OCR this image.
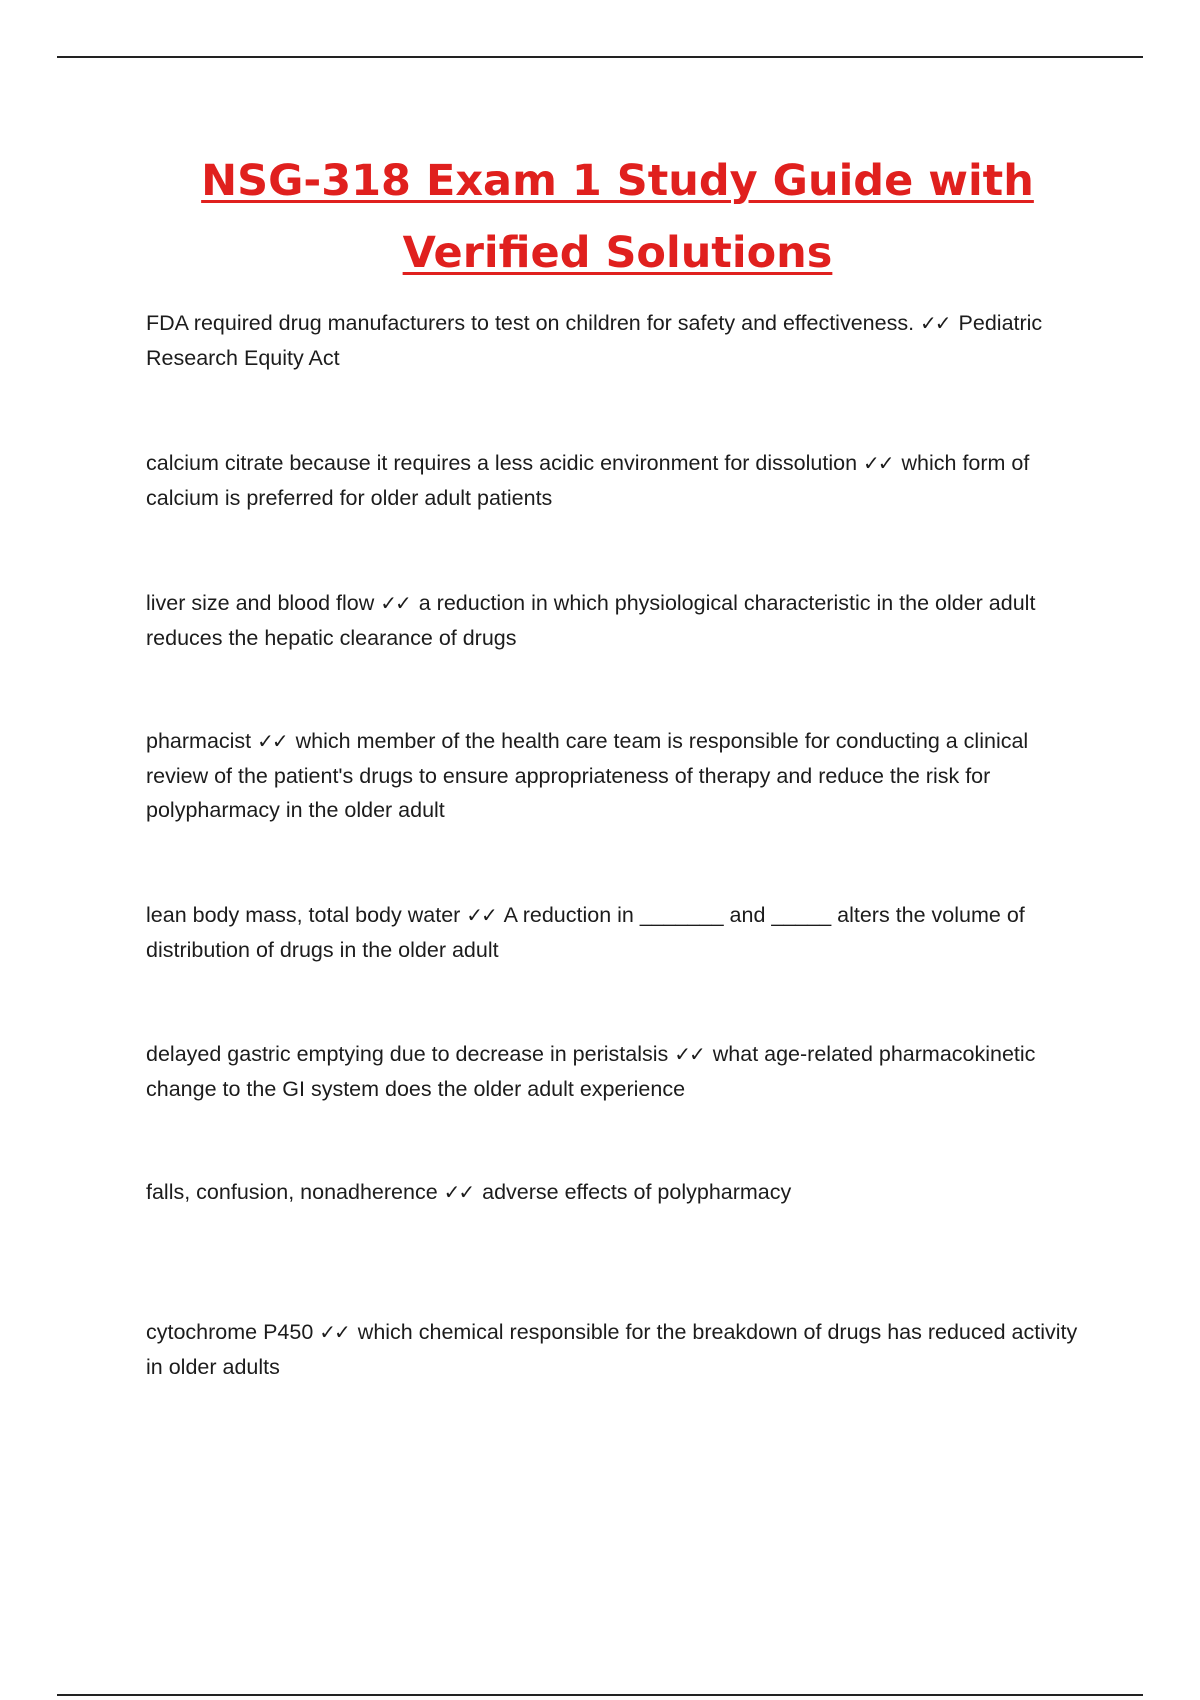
NSG-318 Exam 1 Study Guide with
Verified Solutions
FDA required drug manufacturers to test on children for safety and effectiveness. ✓✓ Pediatric Research Equity Act
calcium citrate because it requires a less acidic environment for dissolution ✓✓ which form of calcium is preferred for older adult patients
liver size and blood flow ✓✓ a reduction in which physiological characteristic in the older adult reduces the hepatic clearance of drugs
pharmacist ✓✓ which member of the health care team is responsible for conducting a clinical review of the patient's drugs to ensure appropriateness of therapy and reduce the risk for polypharmacy in the older adult
lean body mass, total body water ✓✓ A reduction in _______ and _____ alters the volume of distribution of drugs in the older adult
delayed gastric emptying due to decrease in peristalsis ✓✓ what age-related pharmacokinetic change to the GI system does the older adult experience
falls, confusion, nonadherence ✓✓ adverse effects of polypharmacy
cytochrome P450 ✓✓ which chemical responsible for the breakdown of drugs has reduced activity in older adults
